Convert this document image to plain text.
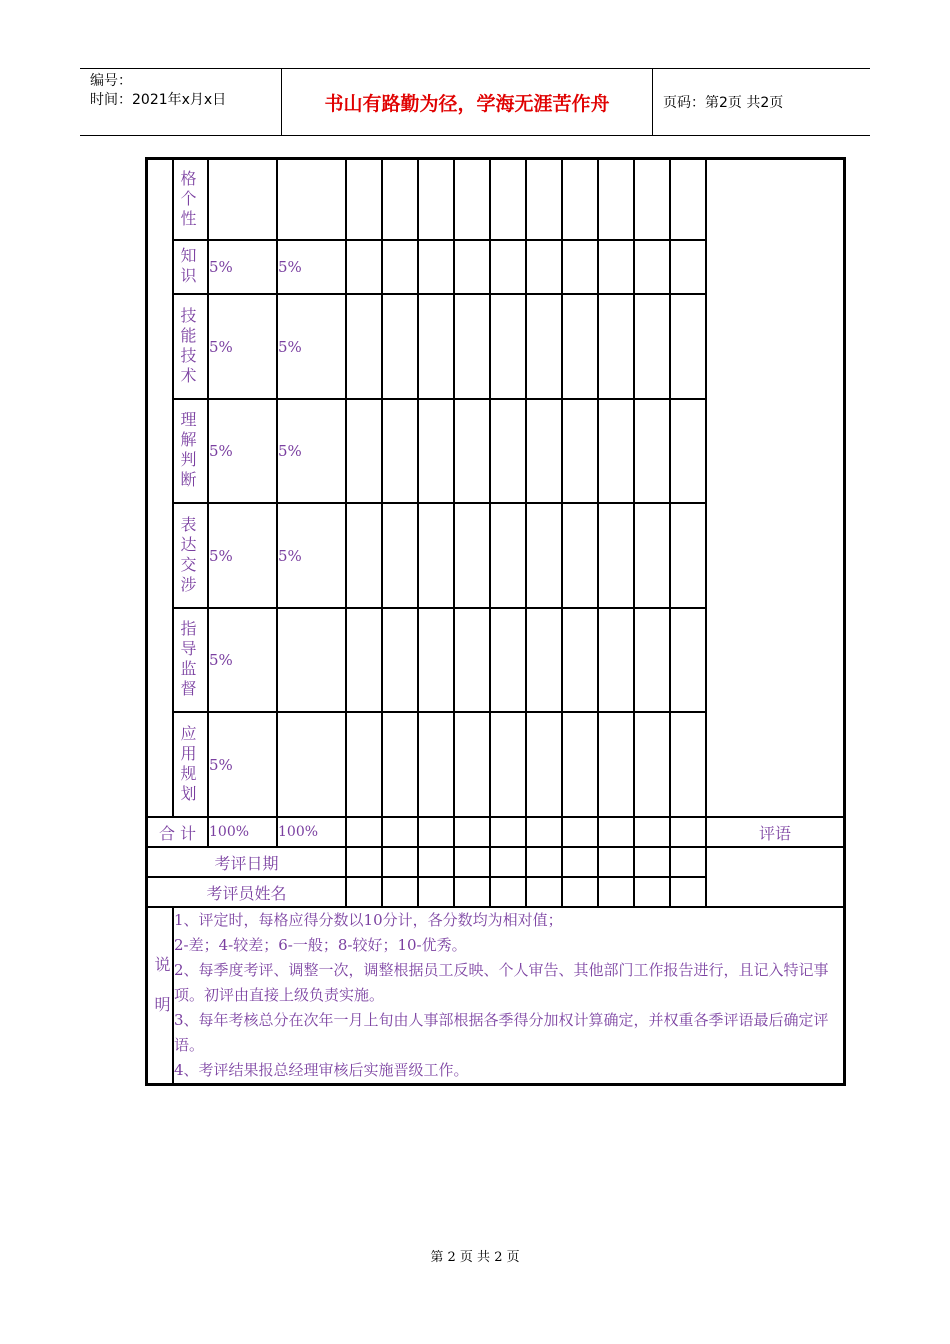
编号：
时间：2021年x月x日	书山有路勤为径，学海无涯苦作舟	页码：第2页 共2页

	格个性													

	知识	5%	5%											

	技能技术	5%	5%											

	理解判断	5%	5%											

	表达交涉	5%	5%											

	指导监督	5%												

	应用规划	5%												
合 计		100%	100%											评语
考评日期														
考评员姓名														

说明	1、评定时，每格应得分数以10分计，各分数均为相对值；
2-差；4-较差；6-一般；8-较好；10-优秀。
2、每季度考评、调整一次，调整根据员工反映、个人审告、其他部门工作报告进行，且记入特记事项。初评由直接上级负责实施。
3、每年考核总分在次年一月上旬由人事部根据各季得分加权计算确定，并权重各季评语最后确定评语。
4、考评结果报总经理审核后实施晋级工作。													
第 2 页 共 2 页
